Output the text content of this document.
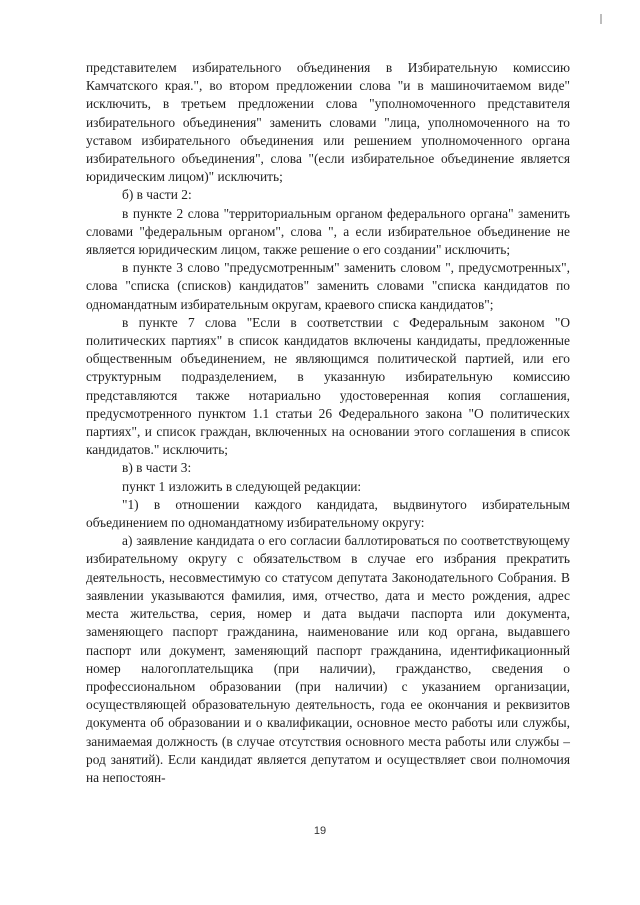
представителем избирательного объединения в Избирательную комиссию Камчатского края.", во втором предложении слова "и в машиночитаемом виде" исключить, в третьем предложении слова "уполномоченного представителя избирательного объединения" заменить словами "лица, уполномоченного на то уставом избирательного объединения или решением уполномоченного органа избирательного объединения", слова "(если избирательное объединение является юридическим лицом)" исключить;

б) в части 2:

в пункте 2 слова "территориальным органом федерального органа" заменить словами "федеральным органом", слова ", а если избирательное объединение не является юридическим лицом, также решение о его создании" исключить;

в пункте 3 слово "предусмотренным" заменить словом ", предусмотренных", слова "списка (списков) кандидатов" заменить словами "списка кандидатов по одномандатным избирательным округам, краевого списка кандидатов";

в пункте 7 слова "Если в соответствии с Федеральным законом "О политических партиях" в список кандидатов включены кандидаты, предложенные общественным объединением, не являющимся политической партией, или его структурным подразделением, в указанную избирательную комиссию представляются также нотариально удостоверенная копия соглашения, предусмотренного пунктом 1.1 статьи 26 Федерального закона "О политических партиях", и список граждан, включенных на основании этого соглашения в список кандидатов." исключить;

в) в части 3:

пункт 1 изложить в следующей редакции:

"1) в отношении каждого кандидата, выдвинутого избирательным объединением по одномандатному избирательному округу:

а) заявление кандидата о его согласии баллотироваться по соответствующему избирательному округу с обязательством в случае его избрания прекратить деятельность, несовместимую со статусом депутата Законодательного Собрания. В заявлении указываются фамилия, имя, отчество, дата и место рождения, адрес места жительства, серия, номер и дата выдачи паспорта или документа, заменяющего паспорт гражданина, наименование или код органа, выдавшего паспорт или документ, заменяющий паспорт гражданина, идентификационный номер налогоплательщика (при наличии), гражданство, сведения о профессиональном образовании (при наличии) с указанием организации, осуществляющей образовательную деятельность, года ее окончания и реквизитов документа об образовании и о квалификации, основное место работы или службы, занимаемая должность (в случае отсутствия основного места работы или службы – род занятий). Если кандидат является депутатом и осуществляет свои полномочия на непостоян-

19
